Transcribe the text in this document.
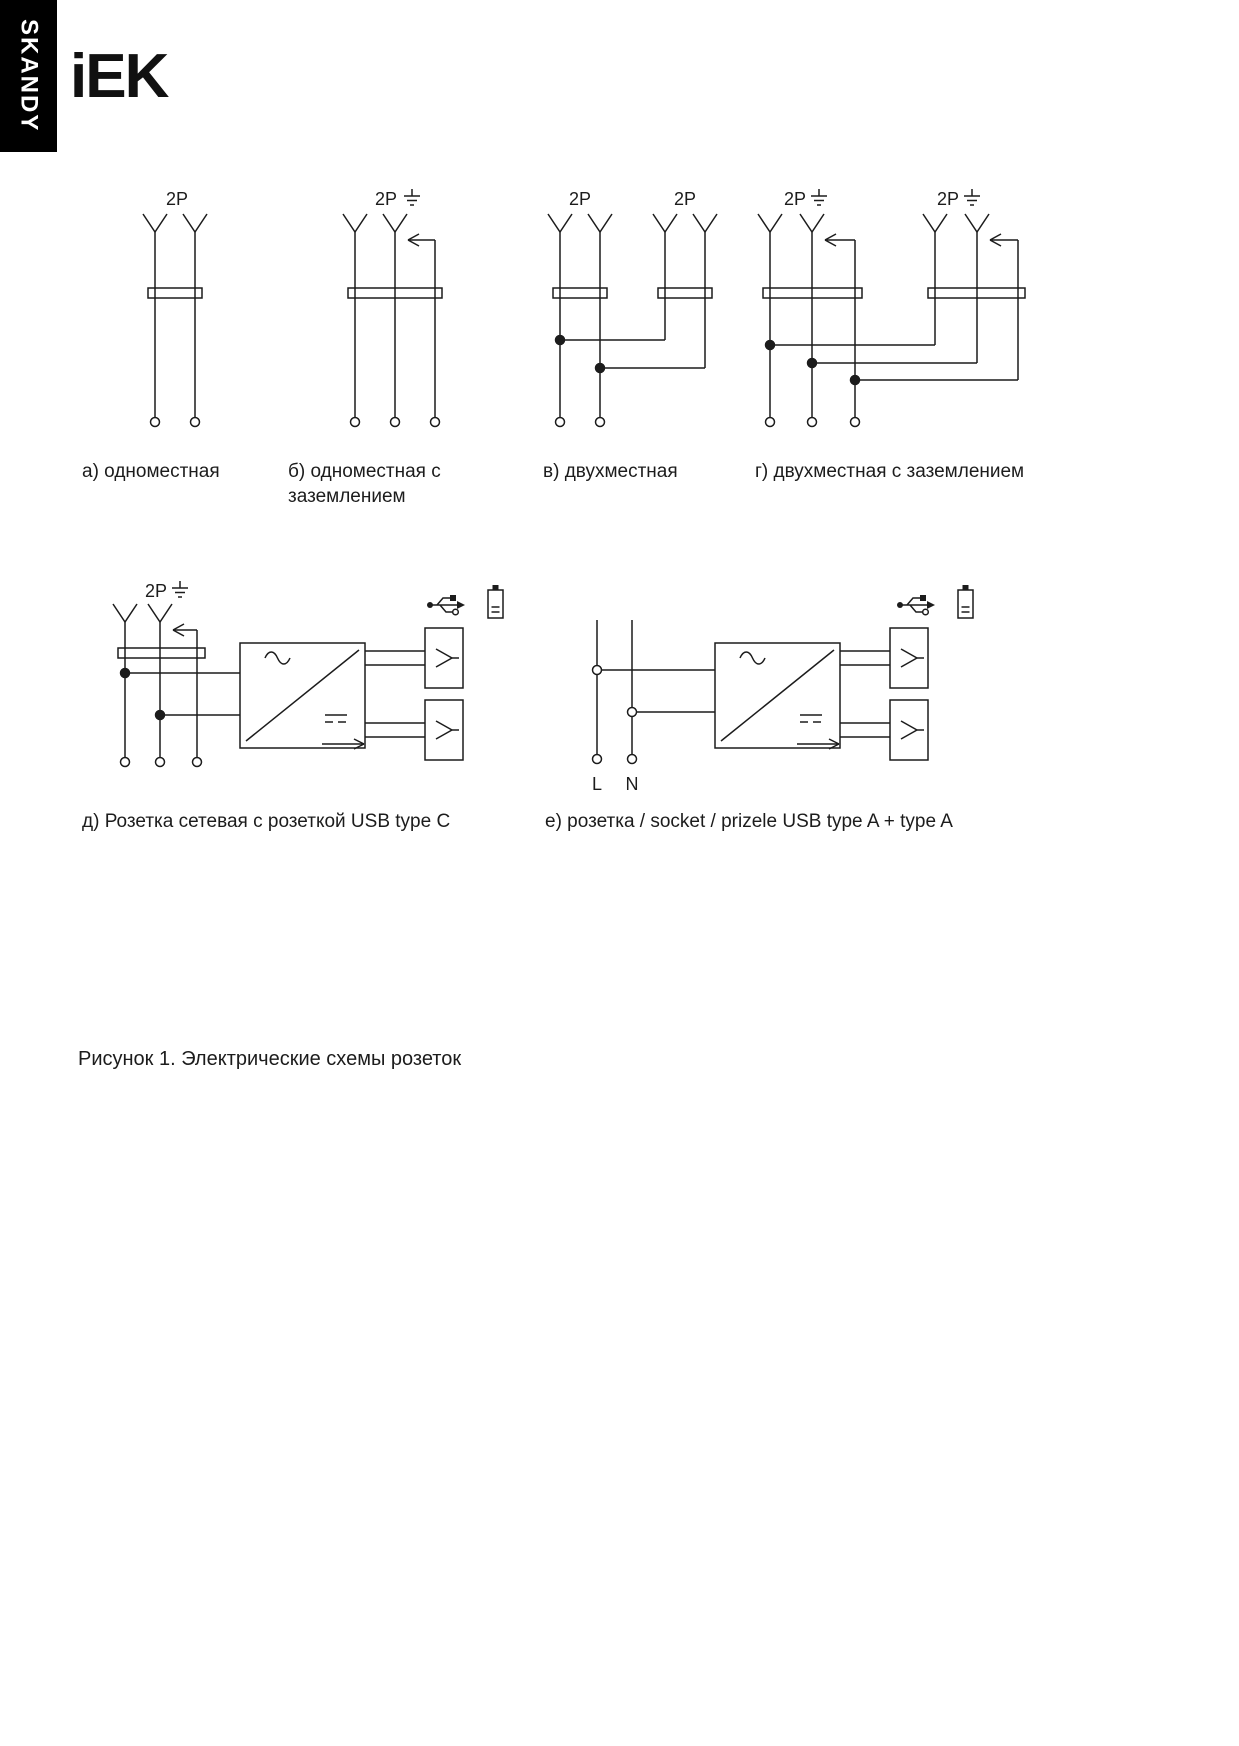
SKANDY iEK
2P	2P	2P	2P	2P	2P
2P
L N
а) одноместная	б) одноместная с заземлением
в) двухместная	г) двухместная с заземлением
д) Розетка сетевая с розеткой USB type C	е) розетка / socket / prizele USB type A + type A
Рисунок 1. Электрические схемы розеток
